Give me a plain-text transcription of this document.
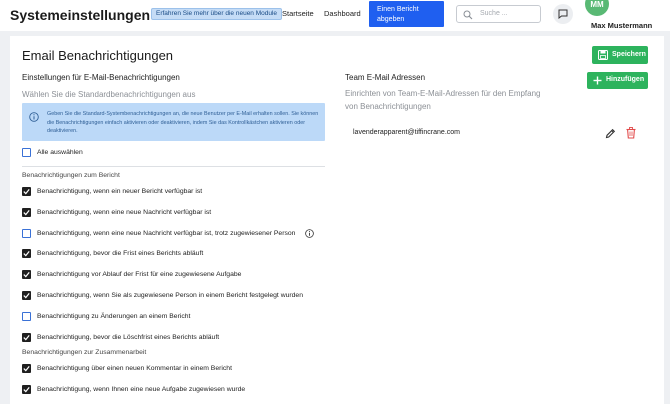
Systemeinstellungen Erfahren Sie mehr über die neuen Module Startseite Dashboard	Einen Bericht abgeben
Suche ...
MM
Max Mustermann
Email Benachrichtigungen	Speichern
Einstellungen für E-Mail-Benachrichtigungen
Wählen Sie die Standardbenachrichtigungen aus
Geben Sie die Standard-Systembenachrichtigungen an, die neue Benutzer per E-Mail erhalten sollen. Sie können die Benachrichtigungen einfach aktivieren oder deaktivieren, indem Sie das Kontrollkästchen aktivieren oder deaktivieren.
Alle auswählen
Benachrichtigungen zum Bericht
Benachrichtigung, wenn ein neuer Bericht verfügbar ist
Benachrichtigung, wenn eine neue Nachricht verfügbar ist
Benachrichtigung, wenn eine neue Nachricht verfügbar ist, trotz zugewiesener Person
Benachrichtigung, bevor die Frist eines Berichts abläuft
Benachrichtigung vor Ablauf der Frist für eine zugewiesene Aufgabe
Benachrichtigung, wenn Sie als zugewiesene Person in einem Bericht festgelegt wurden
Benachrichtigung zu Änderungen an einem Bericht
Benachrichtigung, bevor die Löschfrist eines Berichts abläuft
Benachrichtigungen zur Zusammenarbeit
Benachrichtigung über einen neuen Kommentar in einem Bericht
Benachrichtigung, wenn Ihnen eine neue Aufgabe zugewiesen wurde
Team E-Mail Adressen
Einrichten von Team-E-Mail-Adressen für den Empfang von Benachrichtigungen
Hinzufügen
lavenderapparent@tiffincrane.com
